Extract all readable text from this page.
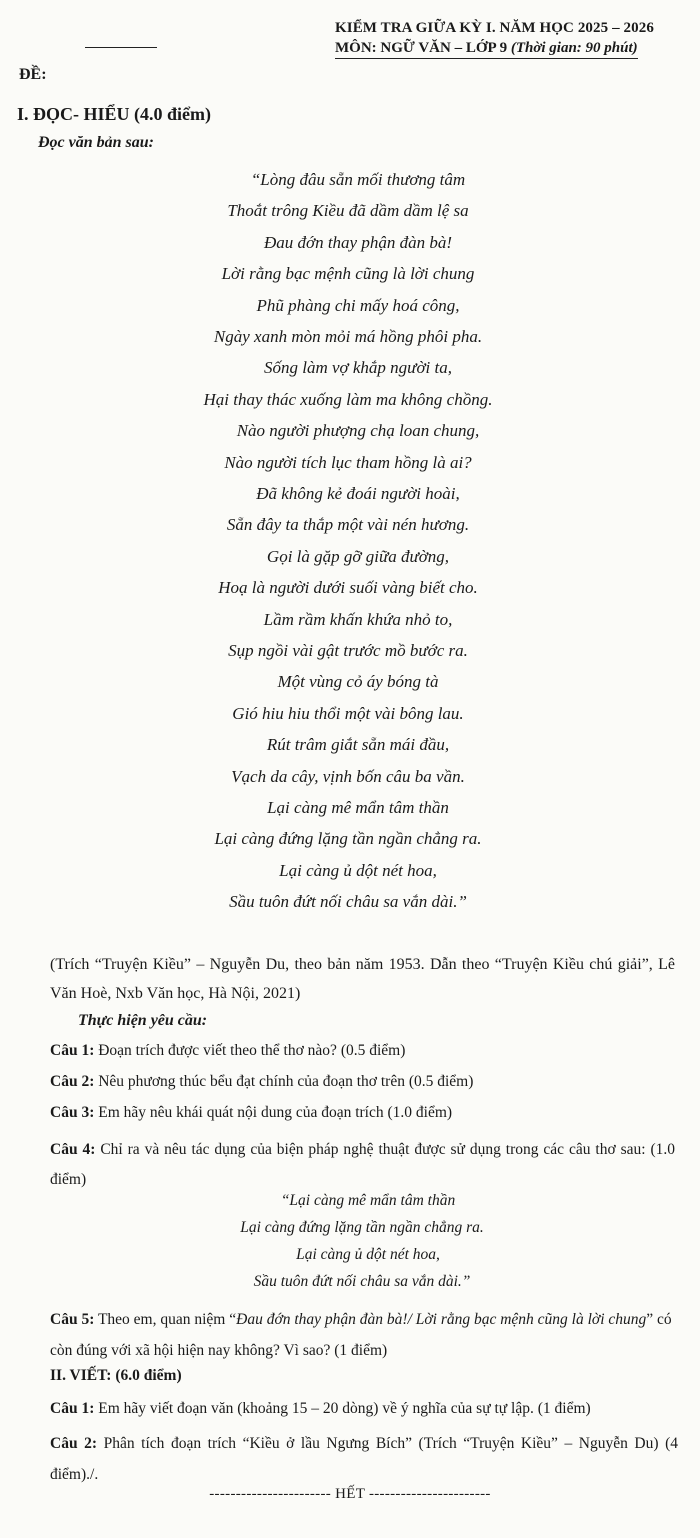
KIỂM TRA GIỮA KỲ I. NĂM HỌC 2025 – 2026
MÔN: NGỮ VĂN – LỚP 9 (Thời gian: 90 phút)
ĐỀ:
I. ĐỌC- HIỂU (4.0 điểm)
Đọc văn bản sau:
“Lòng đâu sẵn mối thương tâm
Thoắt trông Kiều đã dầm dầm lệ sa
Đau đớn thay phận đàn bà!
Lời rằng bạc mệnh cũng là lời chung
Phũ phàng chi mấy hoá công,
Ngày xanh mòn mỏi má hồng phôi pha.
Sống làm vợ khắp người ta,
Hại thay thác xuống làm ma không chồng.
Nào người phượng chạ loan chung,
Nào người tích lục tham hồng là ai?
Đã không kẻ đoái người hoài,
Sẵn đây ta thắp một vài nén hương.
Gọi là gặp gỡ giữa đường,
Hoạ là người dưới suối vàng biết cho.
Lầm rầm khấn khứa nhỏ to,
Sụp ngồi vài gật trước mồ bước ra.
Một vùng cỏ áy bóng tà
Gió hiu hiu thổi một vài bông lau.
Rút trâm giắt sẵn mái đầu,
Vạch da cây, vịnh bốn câu ba vần.
Lại càng mê mẩn tâm thần
Lại càng đứng lặng tần ngần chẳng ra.
Lại càng ủ dột nét hoa,
Sầu tuôn đứt nối châu sa vắn dài.”
(Trích “Truyện Kiều” – Nguyễn Du, theo bản năm 1953. Dẫn theo “Truyện Kiều chú giải”, Lê Văn Hoè, Nxb Văn học, Hà Nội, 2021)
Thực hiện yêu cầu:
Câu 1: Đoạn trích được viết theo thể thơ nào? (0.5 điểm)
Câu 2: Nêu phương thúc bểu đạt chính của đoạn thơ trên (0.5 điểm)
Câu 3: Em hãy nêu khái quát nội dung của đoạn trích (1.0 điểm)
Câu 4: Chỉ ra và nêu tác dụng của biện pháp nghệ thuật được sử dụng trong các câu thơ sau: (1.0 điểm)
“Lại càng mê mẩn tâm thần
Lại càng đứng lặng tần ngần chẳng ra.
Lại càng ủ dột nét hoa,
Sầu tuôn đứt nối châu sa vắn dài.”
Câu 5: Theo em, quan niệm “Đau đớn thay phận đàn bà!/ Lời rằng bạc mệnh cũng là lời chung” có còn đúng với xã hội hiện nay không? Vì sao? (1 điểm)
II. VIẾT: (6.0 điểm)
Câu 1: Em hãy viết đoạn văn (khoảng 15 – 20 dòng) về ý nghĩa của sự tự lập. (1 điểm)
Câu 2: Phân tích đoạn trích “Kiều ở lầu Ngưng Bích” (Trích “Truyện Kiều” – Nguyễn Du) (4 điểm)./.
----------------------- HẾT -----------------------
